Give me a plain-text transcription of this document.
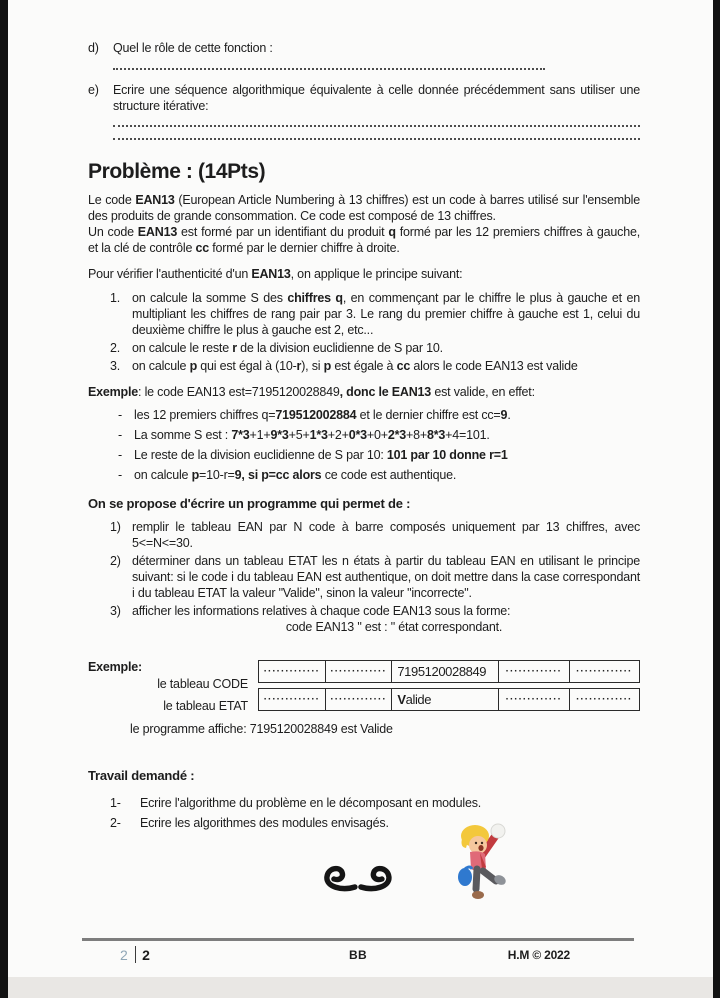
d)	Quel le rôle de cette fonction :
e)	Ecrire une séquence algorithmique équivalente à celle donnée précédemment sans utiliser une structure itérative:
Problème : (14Pts)

Le code EAN13 (European Article Numbering à 13 chiffres) est un code à barres utilisé sur l'ensemble des produits de grande consommation. Ce code est composé de 13 chiffres.

Un code EAN13 est formé par un identifiant du produit q formé par les 12 premiers chiffres à gauche, et la clé de contrôle cc formé par le dernier chiffre à droite.

Pour vérifier l'authenticité d'un EAN13, on applique le principe suivant:

1. on calcule la somme S des chiffres q, en commençant par le chiffre le plus à gauche et en multipliant les chiffres de rang pair par 3. Le rang du premier chiffre à gauche est 1, celui du deuxième chiffre le plus à gauche est 2, etc...
2. on calcule le reste r de la division euclidienne de S par 10.
3. on calcule p qui est égal à (10-r), si p est égale à cc alors le code EAN13 est valide

Exemple: le code EAN13 est=7195120028849, donc le EAN13 est valide, en effet:

- les 12 premiers chiffres q=719512002884 et le dernier chiffre est cc=9.
- La somme S est : 7*3+1+9*3+5+1*3+2+0*3+0+2*3+8+8*3+4=101.
- Le reste de la division euclidienne de S par 10: 101 par 10 donne r=1
- on calcule p=10-r=9, si p=cc alors ce code est authentique.
On se propose d'écrire un programme qui permet de :
1) remplir le tableau EAN par N code à barre composés uniquement par 13 chiffres, avec 5<=N<=30.
2) déterminer dans un tableau ETAT les n états à partir du tableau EAN en utilisant le principe suivant: si le code i du tableau EAN est authentique, on doit mettre dans la case correspondant i du tableau ETAT la valeur "Valide", sinon la valeur "incorrecte".
3) afficher les informations relatives à chaque code EAN13 sous la forme:
code EAN13 " est : " état correspondant.
Exemple:
le tableau CODE
le tableau ETAT
·············	·············	7195120028849	·············	·············
·············	·············	Valide	·············	·············
le programme affiche: 7195120028849 est Valide
Travail demandé :
1-	Ecrire l'algorithme du problème en le décomposant en modules.
2-	Ecrire les algorithmes des modules envisagés.
2 2	BB	H.M © 2022
